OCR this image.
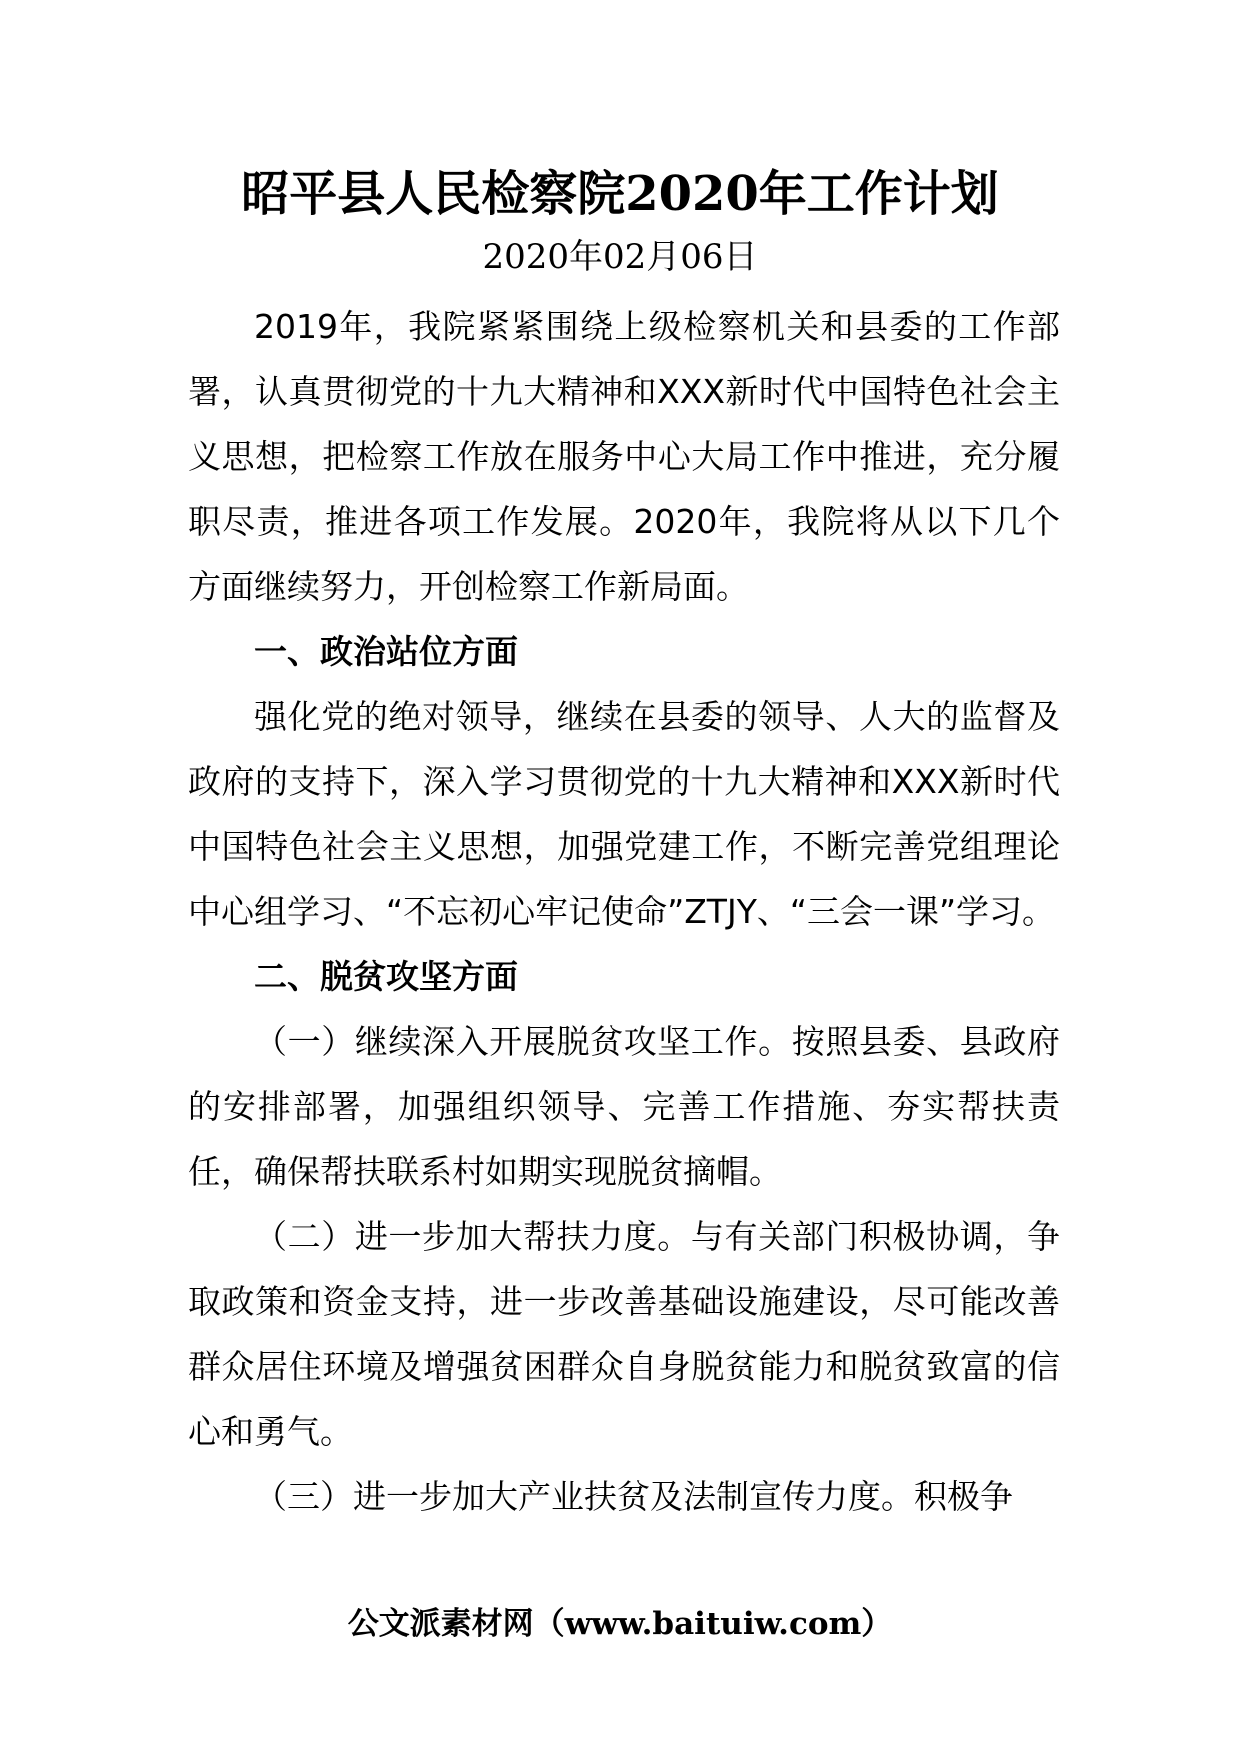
昭平县人民检察院2020年工作计划
2020年02月06日

2019年，我院紧紧围绕上级检察机关和县委的工作部署，认真贯彻党的十九大精神和XXX新时代中国特色社会主义思想，把检察工作放在服务中心大局工作中推进，充分履职尽责，推进各项工作发展。2020年，我院将从以下几个方面继续努力，开创检察工作新局面。

一、政治站位方面

强化党的绝对领导，继续在县委的领导、人大的监督及政府的支持下，深入学习贯彻党的十九大精神和XXX新时代中国特色社会主义思想，加强党建工作，不断完善党组理论中心组学习、“不忘初心牢记使命”ZTJY、“三会一课”学习。

二、脱贫攻坚方面

（一）继续深入开展脱贫攻坚工作。按照县委、县政府的安排部署，加强组织领导、完善工作措施、夯实帮扶责任，确保帮扶联系村如期实现脱贫摘帽。

（二）进一步加大帮扶力度。与有关部门积极协调，争取政策和资金支持，进一步改善基础设施建设，尽可能改善群众居住环境及增强贫困群众自身脱贫能力和脱贫致富的信心和勇气。

（三）进一步加大产业扶贫及法制宣传力度。积极争

公文派素材网（www.baituiw.com）
